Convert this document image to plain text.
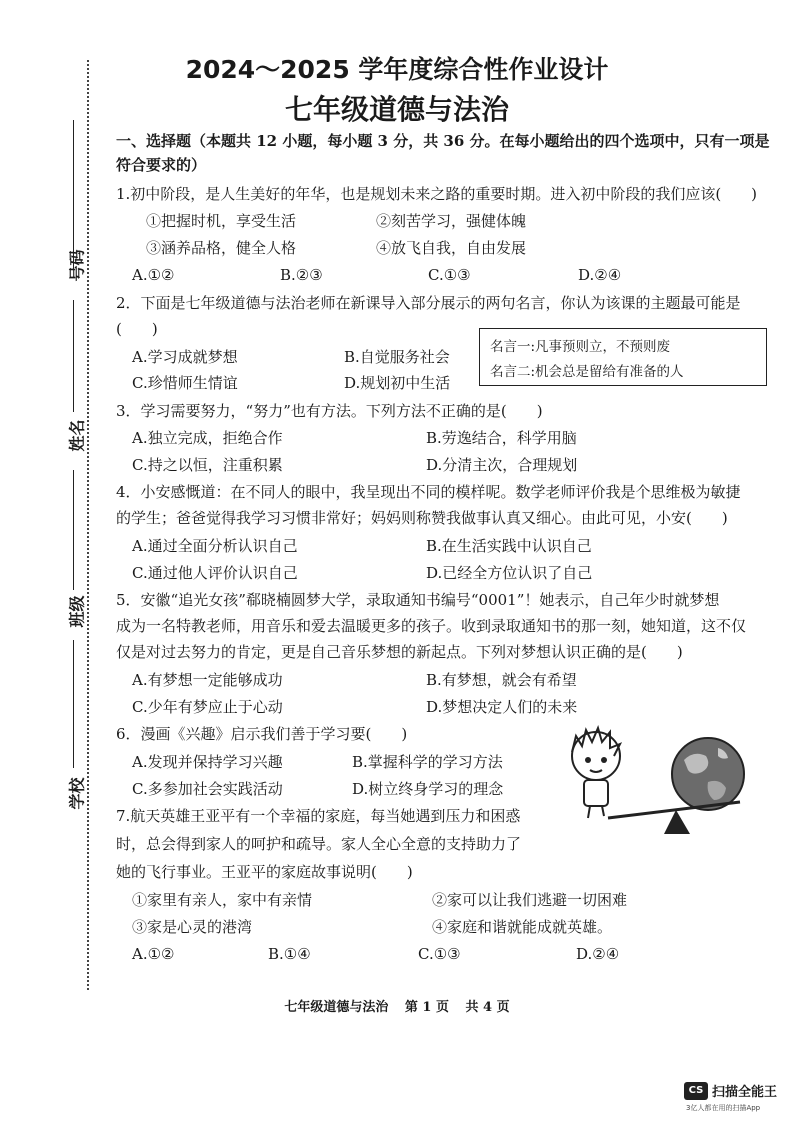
号码
姓名
班级
学校
2024～2025 学年度综合性作业设计
七年级道德与法治
一、选择题（本题共 12 小题，每小题 3 分，共 36 分。在每小题给出的四个选项中，只有一项是
符合要求的）
1.初中阶段，是人生美好的年华，也是规划未来之路的重要时期。进入初中阶段的我们应该(　　)
①把握时机，享受生活	②刻苦学习，强健体魄
③涵养品格，健全人格	④放飞自我，自由发展
A.①②	B.②③	C.①③	D.②④
2．下面是七年级道德与法治老师在新课导入部分展示的两句名言，你认为该课的主题最可能是
(　　)
A.学习成就梦想	B.自觉服务社会
C.珍惜师生情谊	D.规划初中生活
名言一:凡事预则立，不预则废
名言二:机会总是留给有准备的人
3．学习需要努力，“努力”也有方法。下列方法不正确的是(　　)
A.独立完成，拒绝合作	B.劳逸结合，科学用脑
C.持之以恒，注重积累	D.分清主次，合理规划
4．小安感慨道：在不同人的眼中，我呈现出不同的模样呢。数学老师评价我是个思维极为敏捷
的学生；爸爸觉得我学习习惯非常好；妈妈则称赞我做事认真又细心。由此可见，小安(　　)
A.通过全面分析认识自己	B.在生活实践中认识自己
C.通过他人评价认识自己	D.已经全方位认识了自己
5．安徽“追光女孩”郗晓楠圆梦大学，录取通知书编号“0001”！她表示，自己年少时就梦想
成为一名特教老师，用音乐和爱去温暖更多的孩子。收到录取通知书的那一刻，她知道，这不仅
仅是对过去努力的肯定，更是自己音乐梦想的新起点。下列对梦想认识正确的是(　　)
A.有梦想一定能够成功	B.有梦想，就会有希望
C.少年有梦应止于心动	D.梦想决定人们的未来
6．漫画《兴趣》启示我们善于学习要(　　)
A.发现并保持学习兴趣	B.掌握科学的学习方法
C.多参加社会实践活动	D.树立终身学习的理念
7.航天英雄王亚平有一个幸福的家庭，每当她遇到压力和困惑
时，总会得到家人的呵护和疏导。家人全心全意的支持助力了
她的飞行事业。王亚平的家庭故事说明(　　)
①家里有亲人，家中有亲情	②家可以让我们逃避一切困难
③家是心灵的港湾	④家庭和谐就能成就英雄。
A.①②	B.①④	C.①③	D.②④
七年级道德与法治 第 1 页 共 4 页
CS 扫描全能王
3亿人都在用的扫描App
